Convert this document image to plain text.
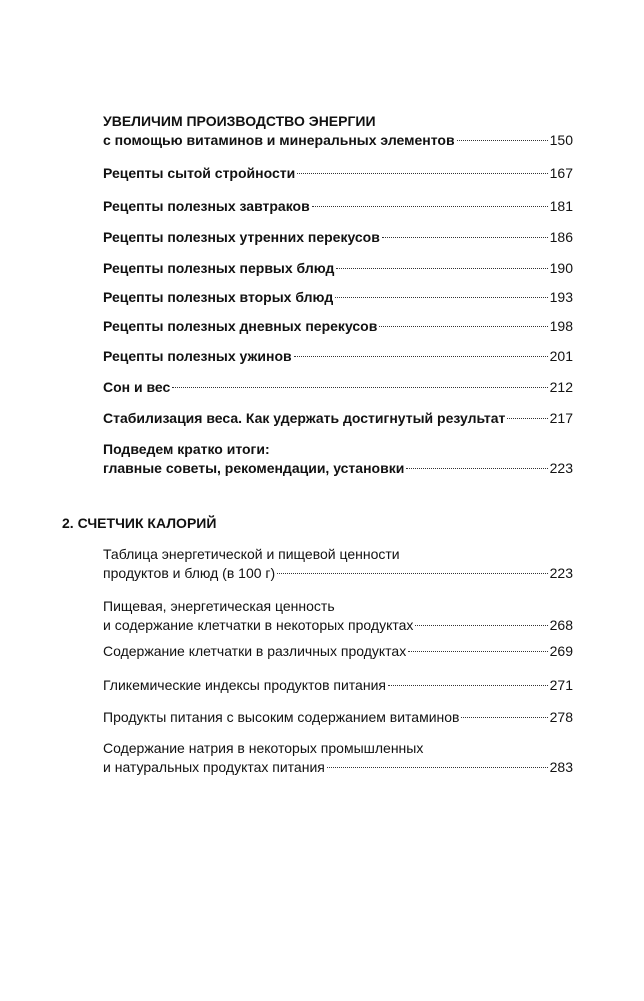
УВЕЛИЧИМ ПРОИЗВОДСТВО ЭНЕРГИИ
с помощью витаминов и минеральных элементов	150
Рецепты сытой стройности	167
Рецепты полезных завтраков	181
Рецепты полезных утренних перекусов	186
Рецепты полезных первых блюд	190
Рецепты полезных вторых блюд	193
Рецепты полезных дневных перекусов	198
Рецепты полезных ужинов	201
Сон и вес	212
Стабилизация веса. Как удержать достигнутый результат	217
Подведем кратко итоги:
главные советы, рекомендации, установки	223
2. СЧЕТЧИК КАЛОРИЙ
Таблица энергетической и пищевой ценности
продуктов и блюд (в 100 г)	223
Пищевая, энергетическая ценность
и содержание клетчатки в некоторых продуктах	268
Содержание клетчатки в различных продуктах	269
Гликемические индексы продуктов питания	271
Продукты питания с высоким содержанием витаминов	278
Содержание натрия в некоторых промышленных
и натуральных продуктах питания	283
